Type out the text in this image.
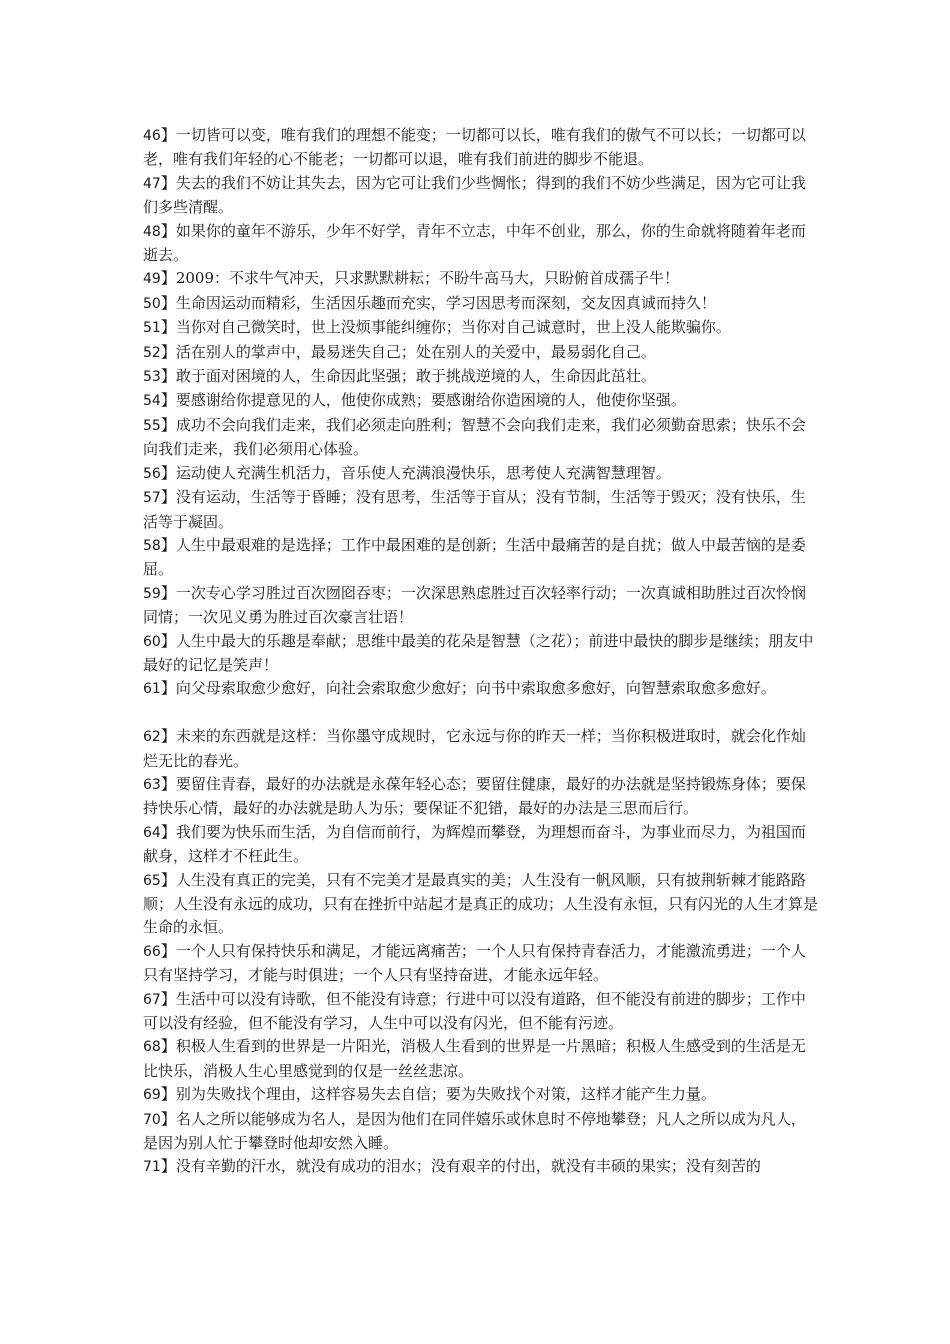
46】一切皆可以变，唯有我们的理想不能变；一切都可以长，唯有我们的傲气不可以长；一切都可以老，唯有我们年轻的心不能老；一切都可以退，唯有我们前进的脚步不能退。

47】失去的我们不妨让其失去，因为它可让我们少些惆怅；得到的我们不妨少些满足，因为它可让我们多些清醒。

48】如果你的童年不游乐，少年不好学，青年不立志，中年不创业，那么，你的生命就将随着年老而逝去。

49】2009：不求牛气冲天，只求默默耕耘；不盼牛高马大，只盼俯首成孺子牛！

50】生命因运动而精彩，生活因乐趣而充实，学习因思考而深刻，交友因真诚而持久！

51】当你对自己微笑时，世上没烦事能纠缠你；当你对自己诚意时，世上没人能欺骗你。

52】活在别人的掌声中，最易迷失自己；处在别人的关爱中，最易弱化自己。

53】敢于面对困境的人，生命因此坚强；敢于挑战逆境的人，生命因此茁壮。

54】要感谢给你提意见的人，他使你成熟；要感谢给你造困境的人，他使你坚强。

55】成功不会向我们走来，我们必须走向胜利；智慧不会向我们走来，我们必须勤奋思索；快乐不会向我们走来，我们必须用心体验。

56】运动使人充满生机活力，音乐使人充满浪漫快乐，思考使人充满智慧理智。

57】没有运动，生活等于昏睡；没有思考，生活等于盲从；没有节制，生活等于毁灭；没有快乐，生活等于凝固。

58】人生中最艰难的是选择；工作中最困难的是创新；生活中最痛苦的是自扰；做人中最苦恼的是委屈。

59】一次专心学习胜过百次囫囵吞枣；一次深思熟虑胜过百次轻率行动；一次真诚相助胜过百次怜悯同情；一次见义勇为胜过百次豪言壮语！

60】人生中最大的乐趣是奉献；思维中最美的花朵是智慧（之花）；前进中最快的脚步是继续；朋友中最好的记忆是笑声！

61】向父母索取愈少愈好，向社会索取愈少愈好；向书中索取愈多愈好，向智慧索取愈多愈好。

62】未来的东西就是这样：当你墨守成规时，它永远与你的昨天一样；当你积极进取时，就会化作灿烂无比的春光。

63】要留住青春，最好的办法就是永葆年轻心态；要留住健康，最好的办法就是坚持锻炼身体；要保持快乐心情，最好的办法就是助人为乐；要保证不犯错，最好的办法是三思而后行。

64】我们要为快乐而生活，为自信而前行，为辉煌而攀登，为理想而奋斗，为事业而尽力，为祖国而献身，这样才不枉此生。

65】人生没有真正的完美，只有不完美才是最真实的美；人生没有一帆风顺，只有披荆斩棘才能路路顺；人生没有永远的成功，只有在挫折中站起才是真正的成功；人生没有永恒，只有闪光的人生才算是生命的永恒。

66】一个人只有保持快乐和满足，才能远离痛苦；一个人只有保持青春活力，才能激流勇进；一个人只有坚持学习，才能与时俱进；一个人只有坚持奋进，才能永远年轻。

67】生活中可以没有诗歌，但不能没有诗意；行进中可以没有道路，但不能没有前进的脚步；工作中可以没有经验，但不能没有学习，人生中可以没有闪光，但不能有污迹。

68】积极人生看到的世界是一片阳光，消极人生看到的世界是一片黑暗；积极人生感受到的生活是无比快乐，消极人生心里感觉到的仅是一丝丝悲凉。

69】别为失败找个理由，这样容易失去自信；要为失败找个对策，这样才能产生力量。

70】名人之所以能够成为名人，是因为他们在同伴嬉乐或休息时不停地攀登；凡人之所以成为凡人，是因为别人忙于攀登时他却安然入睡。

71】没有辛勤的汗水，就没有成功的泪水；没有艰辛的付出，就没有丰硕的果实；没有刻苦的
